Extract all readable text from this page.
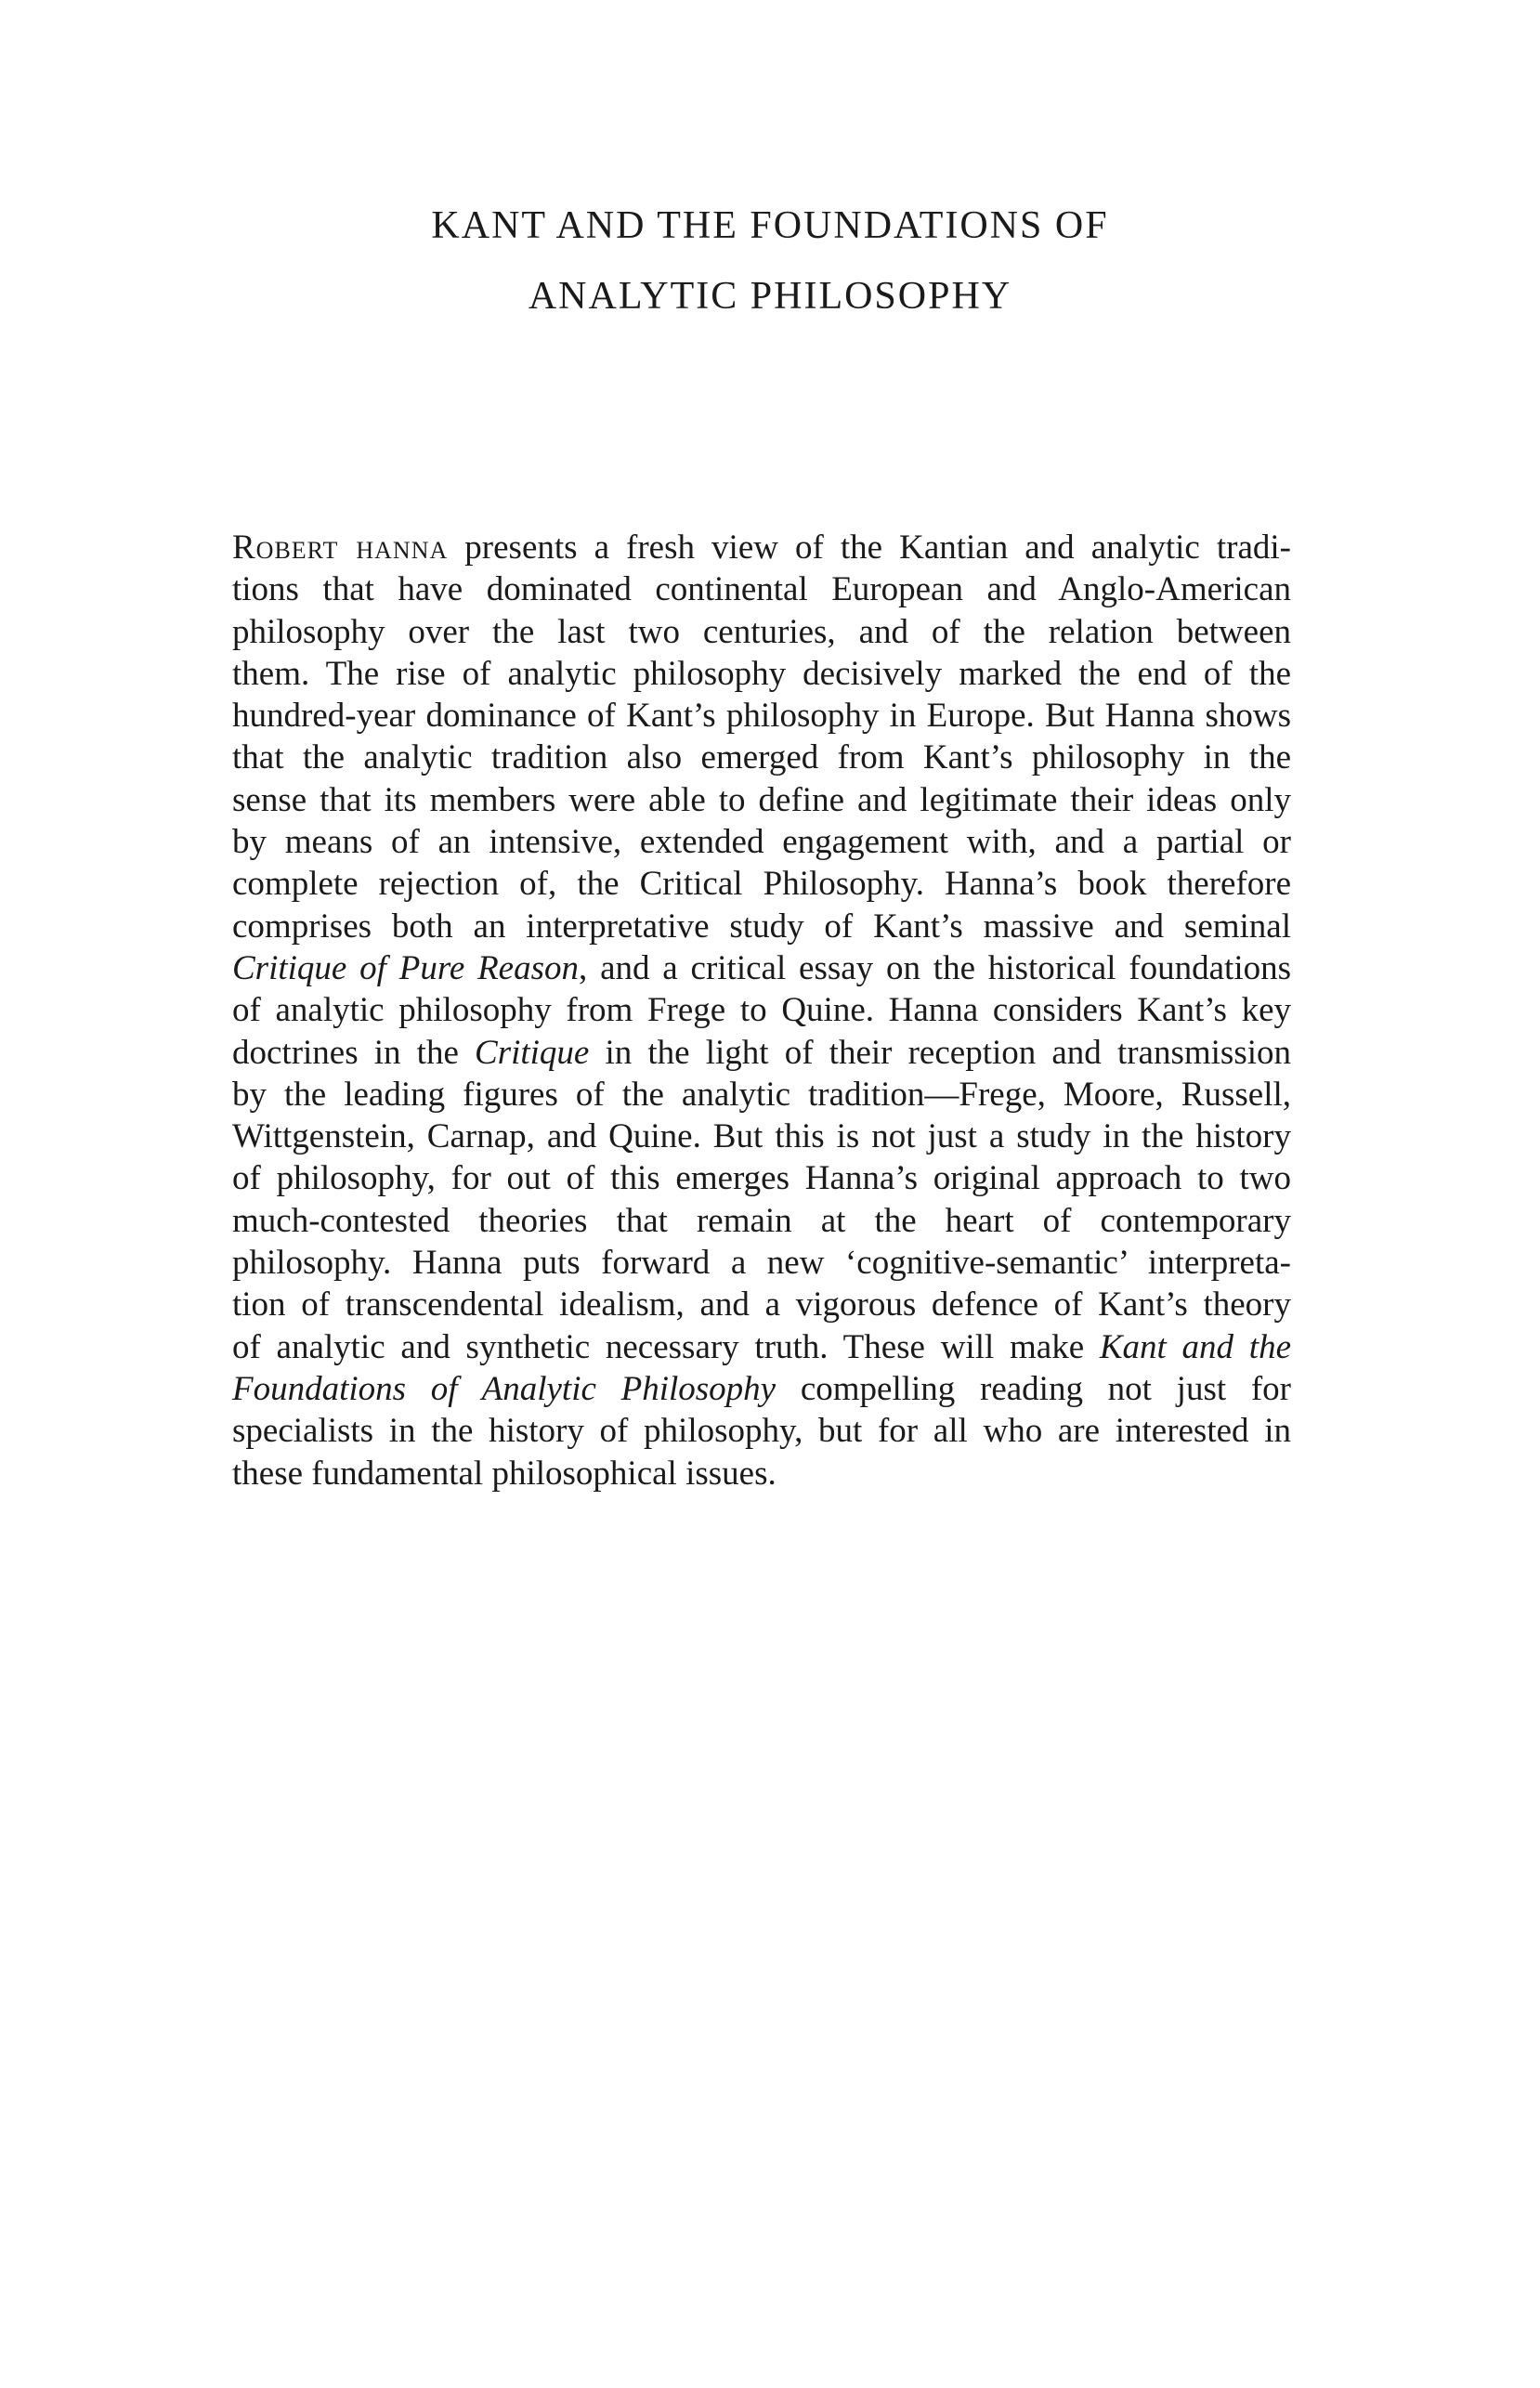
KANT AND THE FOUNDATIONS OF
ANALYTIC PHILOSOPHY
Robert hanna presents a fresh view of the Kantian and analytic tradi-
tions that have dominated continental European and Anglo-American
philosophy over the last two centuries, and of the relation between
them. The rise of analytic philosophy decisively marked the end of the
hundred-year dominance of Kant’s philosophy in Europe. But Hanna shows
that the analytic tradition also emerged from Kant’s philosophy in the
sense that its members were able to define and legitimate their ideas only
by means of an intensive, extended engagement with, and a partial or
complete rejection of, the Critical Philosophy. Hanna’s book therefore
comprises both an interpretative study of Kant’s massive and seminal
Critique of Pure Reason, and a critical essay on the historical foundations
of analytic philosophy from Frege to Quine. Hanna considers Kant’s key
doctrines in the Critique in the light of their reception and transmission
by the leading figures of the analytic tradition—Frege, Moore, Russell,
Wittgenstein, Carnap, and Quine. But this is not just a study in the history
of philosophy, for out of this emerges Hanna’s original approach to two
much-contested theories that remain at the heart of contemporary
philosophy. Hanna puts forward a new ‘cognitive-semantic’ interpreta-
tion of transcendental idealism, and a vigorous defence of Kant’s theory
of analytic and synthetic necessary truth. These will make Kant and the
Foundations of Analytic Philosophy compelling reading not just for
specialists in the history of philosophy, but for all who are interested in
these fundamental philosophical issues.
